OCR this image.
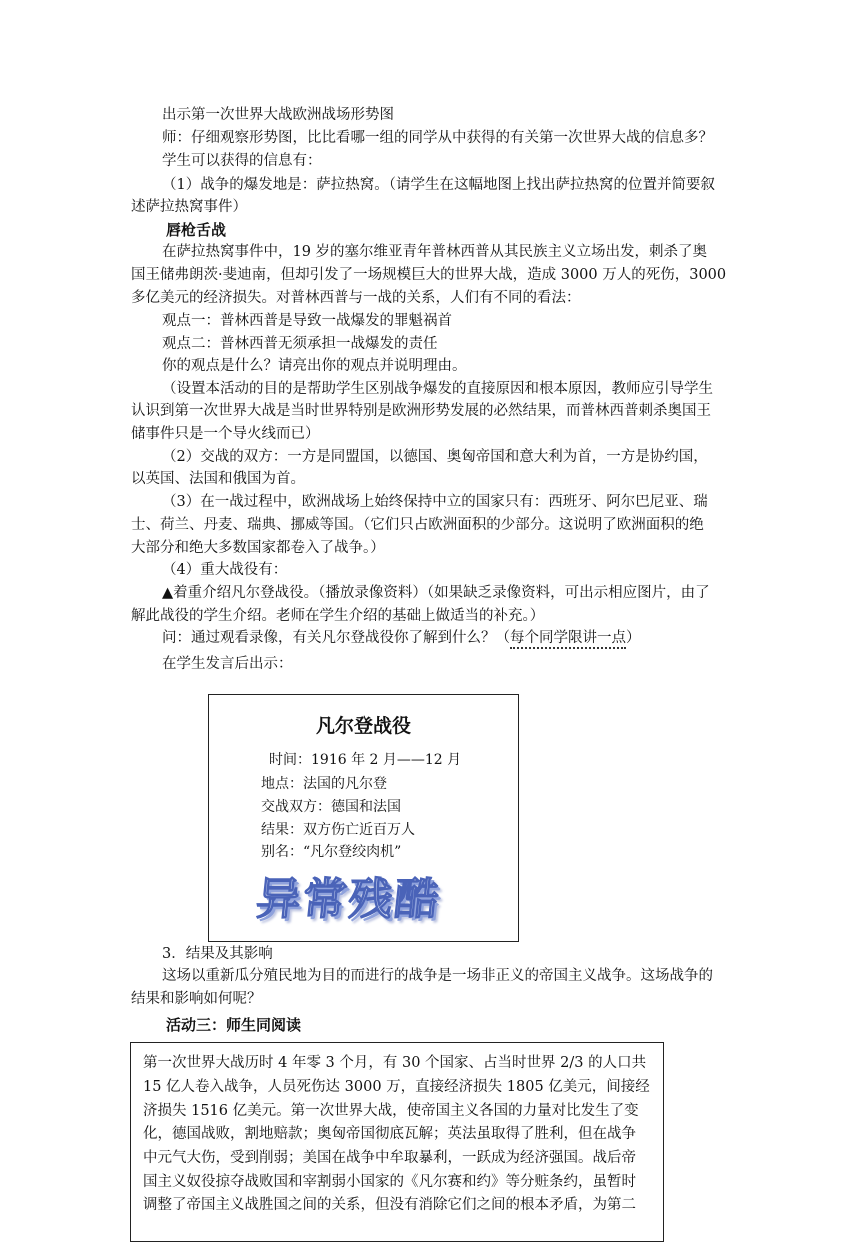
出示第一次世界大战欧洲战场形势图
师：仔细观察形势图，比比看哪一组的同学从中获得的有关第一次世界大战的信息多？
学生可以获得的信息有：
（1）战争的爆发地是：萨拉热窝。（请学生在这幅地图上找出萨拉热窝的位置并简要叙
述萨拉热窝事件）
唇枪舌战
在萨拉热窝事件中，19 岁的塞尔维亚青年普林西普从其民族主义立场出发，刺杀了奥
国王储弗朗茨·斐迪南，但却引发了一场规模巨大的世界大战，造成 3000 万人的死伤，3000
多亿美元的经济损失。对普林西普与一战的关系，人们有不同的看法：
观点一：普林西普是导致一战爆发的罪魁祸首
观点二：普林西普无须承担一战爆发的责任
你的观点是什么？请亮出你的观点并说明理由。
（设置本活动的目的是帮助学生区别战争爆发的直接原因和根本原因，教师应引导学生
认识到第一次世界大战是当时世界特别是欧洲形势发展的必然结果，而普林西普刺杀奥国王
储事件只是一个导火线而已）
（2）交战的双方：一方是同盟国，以德国、奥匈帝国和意大利为首，一方是协约国，
以英国、法国和俄国为首。
（3）在一战过程中，欧洲战场上始终保持中立的国家只有：西班牙、阿尔巴尼亚、瑞
士、荷兰、丹麦、瑞典、挪威等国。（它们只占欧洲面积的少部分。这说明了欧洲面积的绝
大部分和绝大多数国家都卷入了战争。）
（4）重大战役有：
▲着重介绍凡尔登战役。（播放录像资料）（如果缺乏录像资料，可出示相应图片，由了
解此战役的学生介绍。老师在学生介绍的基础上做适当的补充。）
问：通过观看录像，有关凡尔登战役你了解到什么？（每个同学限讲一点）
在学生发言后出示：
凡尔登战役
时间：1916 年 2 月——12 月
地点：法国的凡尔登
交战双方：德国和法国
结果：双方伤亡近百万人
别名：“凡尔登绞肉机”
异常残酷
3．结果及其影响
这场以重新瓜分殖民地为目的而进行的战争是一场非正义的帝国主义战争。这场战争的
结果和影响如何呢？
活动三：师生同阅读
第一次世界大战历时 4 年零 3 个月，有 30 个国家、占当时世界 2/3 的人口共
15 亿人卷入战争，人员死伤达 3000 万，直接经济损失 1805 亿美元，间接经
济损失 1516 亿美元。第一次世界大战，使帝国主义各国的力量对比发生了变
化，德国战败，割地赔款；奥匈帝国彻底瓦解；英法虽取得了胜利，但在战争
中元气大伤，受到削弱；美国在战争中牟取暴利，一跃成为经济强国。战后帝
国主义奴役掠夺战败国和宰割弱小国家的《凡尔赛和约》等分赃条约，虽暂时
调整了帝国主义战胜国之间的关系，但没有消除它们之间的根本矛盾，为第二
